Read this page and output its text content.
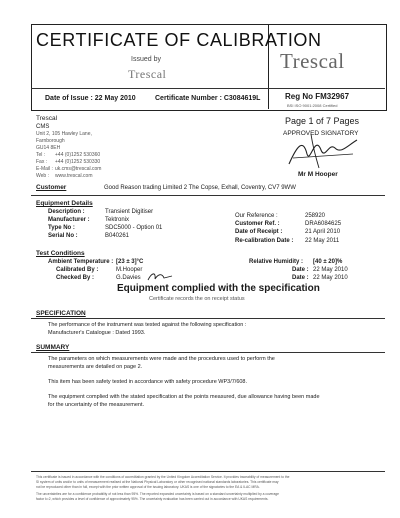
CERTIFICATE OF CALIBRATION
Issued by
Trescal
Trescal
Date of Issue : 22 May 2010	Certificate Number : C3084619L	Reg No FM32967
BSI ISO 9001:2008 Certified
Trescal
CMS
Unit 2, 105 Hawley Lane,
Farnborough
GU14 8EH
Tel : +44 (0)1252 530360
Fax : +44 (0)1252 530330
E-Mail : uk.cms@trescal.com
Web : www.trescal.com
Page 1 of 7 Pages
APPROVED SIGNATORY
Mr M Hooper
Customer	Good Reason trading Limited 2 The Copse, Exhall, Coventry, CV7 9WW
Equipment Details
Description :	Transient Digitiser
Manufacturer :	Tektronix
Type No :	SDC5000 - Option 01
Serial No :	B040261
Our Reference :	258920
Customer Ref. :	DRA6084625
Date of Receipt :	21 April 2010
Re-calibration Date : 22 May 2011
Test Conditions
Ambient Temperature : [23 ± 3]°C
Calibrated By :	M.Hooper
Checked By :	G.Davies
Relative Humidity : [40 ± 20]%
Date : 22 May 2010
Date : 22 May 2010
Equipment complied with the specification
Certificate records the on receipt status
SPECIFICATION
The performance of the instrument was tested against the following specification :
Manufacturer's Catalogue : Dated 1993.
SUMMARY
The parameters on which measurements were made and the procedures used to perform the
measurements are detailed on page 2.
This item has been safety tested in accordance with safety procedure WP3/7/608.
The equipment complied with the stated specification at the points measured, due allowance having been made
for the uncertainty of the measurement.
This certificate is issued in accordance with the conditions of accreditation granted by the United Kingdom Accreditation Service. It provides traceability of measurement to the
SI system of units and/or to units of measurement realised at the National Physical Laboratory or other recognised national standards laboratories. This certificate may
not be reproduced other than in full, except with the prior written approval of the issuing laboratory. UKAS is one of the signatories to the EA & ILAC MRA.
The uncertainties are for a confidence probability of not less than 95%. The reported expanded uncertainty is based on a standard uncertainty multiplied by a coverage
factor k=2, which provides a level of confidence of approximately 95%. The uncertainty evaluation has been carried out in accordance with UKAS requirements.
